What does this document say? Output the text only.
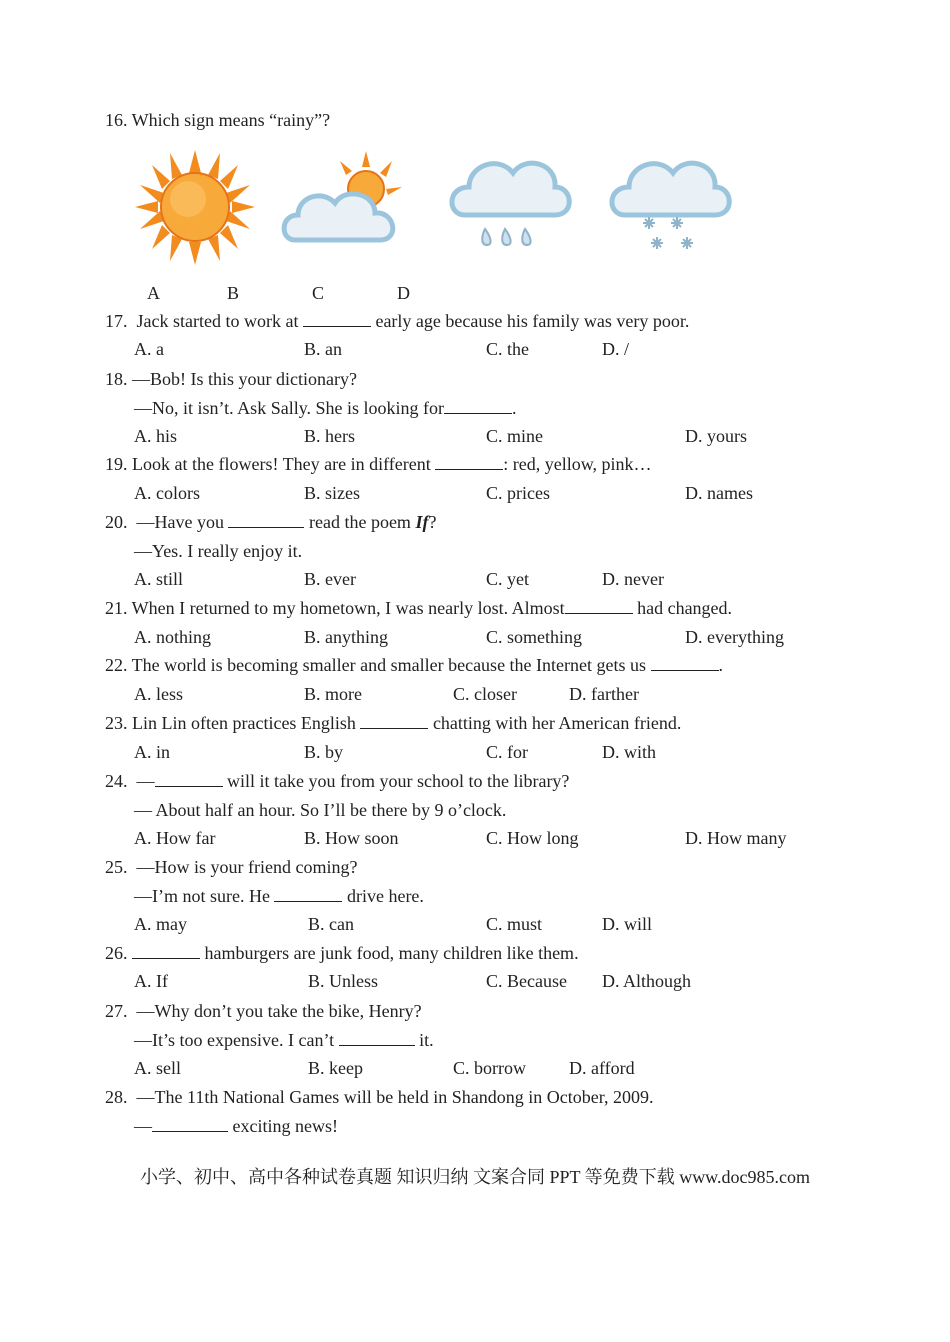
16. Which sign means “rainy”?
A	B	C	D
17.  Jack started to work at	early age because his family was very poor.
A. a	B. an	C. the	D. /
18. —Bob! Is this your dictionary?
—No, it isn’t. Ask Sally. She is looking for	.
A. his	B. hers	C. mine	D. yours
19. Look at the flowers! They are in different	: red, yellow, pink…
A. colors	B. sizes	C. prices	D. names
20.  —Have you	read the poem If?
—Yes. I really enjoy it.
A. still	B. ever	C. yet	D. never
21. When I returned to my hometown, I was nearly lost. Almost	had changed.
A. nothing	B. anything	C. something	D. everything
22. The world is becoming smaller and smaller because the Internet gets us	.
A. less	B. more	C. closer	D. farther
23. Lin Lin often practices English	chatting with her American friend.
A. in	B. by	C. for	D. with
24.  —	will it take you from your school to the library?
— About half an hour. So I’ll be there by 9 o’clock.
A. How far	B. How soon	C. How long	D. How many
25.  —How is your friend coming?
—I’m not sure. He	drive here.
A. may	B. can	C. must	D. will
26.	hamburgers are junk food, many children like them.
A. If	B. Unless	C. Because D. Although
27.  —Why don’t you take the bike, Henry?
—It’s too expensive. I can’t	it.
A. sell	B. keep	C. borrow D. afford
28.  —The 11th National Games will be held in Shandong in October, 2009.
—	exciting news!
小学、初中、高中各种试卷真题 知识归纳 文案合同 PPT 等免费下载 www.doc985.com
